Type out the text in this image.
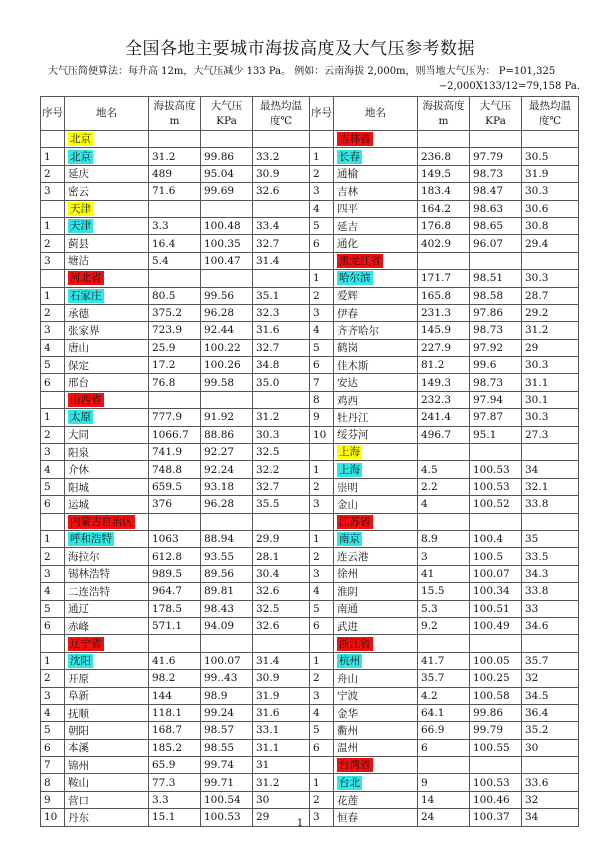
全国各地主要城市海拔高度及大气压参考数据
大气压简便算法：每升高 12m，大气压减少 133 Pa。 例如：云南海拔 2,000m，则当地大气压为： P=101,325
−2,000X133/12=79,158 Pa.
序号	地名	海拔高度 m	大气压 KPa	最热均温度℃	序号	地名	海拔高度 m	大气压 KPa	最热均温度℃
	北京					吉林省			
1	北京	31.2	99.86	33.2	1	长春	236.8	97.79	30.5
2	延庆	489	95.04	30.9	2	通榆	149.5	98.73	31.9
3	密云	71.6	99.69	32.6	3	吉林	183.4	98.47	30.3
	天津				4	四平	164.2	98.63	30.6
1	天津	3.3	100.48	33.4	5	延吉	176.8	98.65	30.8
2	蓟县	16.4	100.35	32.7	6	通化	402.9	96.07	29.4
3	塘沽	5.4	100.47	31.4		黑龙江省			
	河北省				1	哈尔滨	171.7	98.51	30.3
1	石家庄	80.5	99.56	35.1	2	爱辉	165.8	98.58	28.7
2	承德	375.2	96.28	32.3	3	伊春	231.3	97.86	29.2
3	张家界	723.9	92.44	31.6	4	齐齐哈尔	145.9	98.73	31.2
4	唐山	25.9	100.22	32.7	5	鹤岗	227.9	97.92	29
5	保定	17.2	100.26	34.8	6	佳木斯	81.2	99.6	30.3
6	邢台	76.8	99.58	35.0	7	安达	149.3	98.73	31.1
	山西省				8	鸡西	232.3	97.94	30.1
1	太原	777.9	91.92	31.2	9	牡丹江	241.4	97.87	30.3
2	大同	1066.7	88.86	30.3	10	绥芬河	496.7	95.1	27.3
3	阳泉	741.9	92.27	32.5		上海			
4	介休	748.8	92.24	32.2	1	上海	4.5	100.53	34
5	阳城	659.5	93.18	32.7	2	崇明	2.2	100.53	32.1
6	运城	376	96.28	35.5	3	金山	4	100.52	33.8
	内蒙古自治区					江苏省			
1	呼和浩特	1063	88.94	29.9	1	南京	8.9	100.4	35
2	海拉尔	612.8	93.55	28.1	2	连云港	3	100.5	33.5
3	锡林浩特	989.5	89.56	30.4	3	徐州	41	100.07	34.3
4	二连浩特	964.7	89.81	32.6	4	淮阴	15.5	100.34	33.8
5	通辽	178.5	98.43	32.5	5	南通	5.3	100.51	33
6	赤峰	571.1	94.09	32.6	6	武进	9.2	100.49	34.6
	辽宁省					浙江省			
1	沈阳	41.6	100.07	31.4	1	杭州	41.7	100.05	35.7
2	开原	98.2	99..43	30.9	2	舟山	35.7	100.25	32
3	阜新	144	98.9	31.9	3	宁波	4.2	100.58	34.5
4	抚顺	118.1	99.24	31.6	4	金华	64.1	99.86	36.4
5	朝阳	168.7	98.57	33.1	5	衢州	66.9	99.79	35.2
6	本溪	185.2	98.55	31.1	6	温州	6	100.55	30
7	锦州	65.9	99.74	31		台湾省			
8	鞍山	77.3	99.71	31.2	1	台北	9	100.53	33.6
9	营口	3.3	100.54	30	2	花莲	14	100.46	32
10	丹东	15.1	100.53	29	3	恒春	24	100.37	34
1
